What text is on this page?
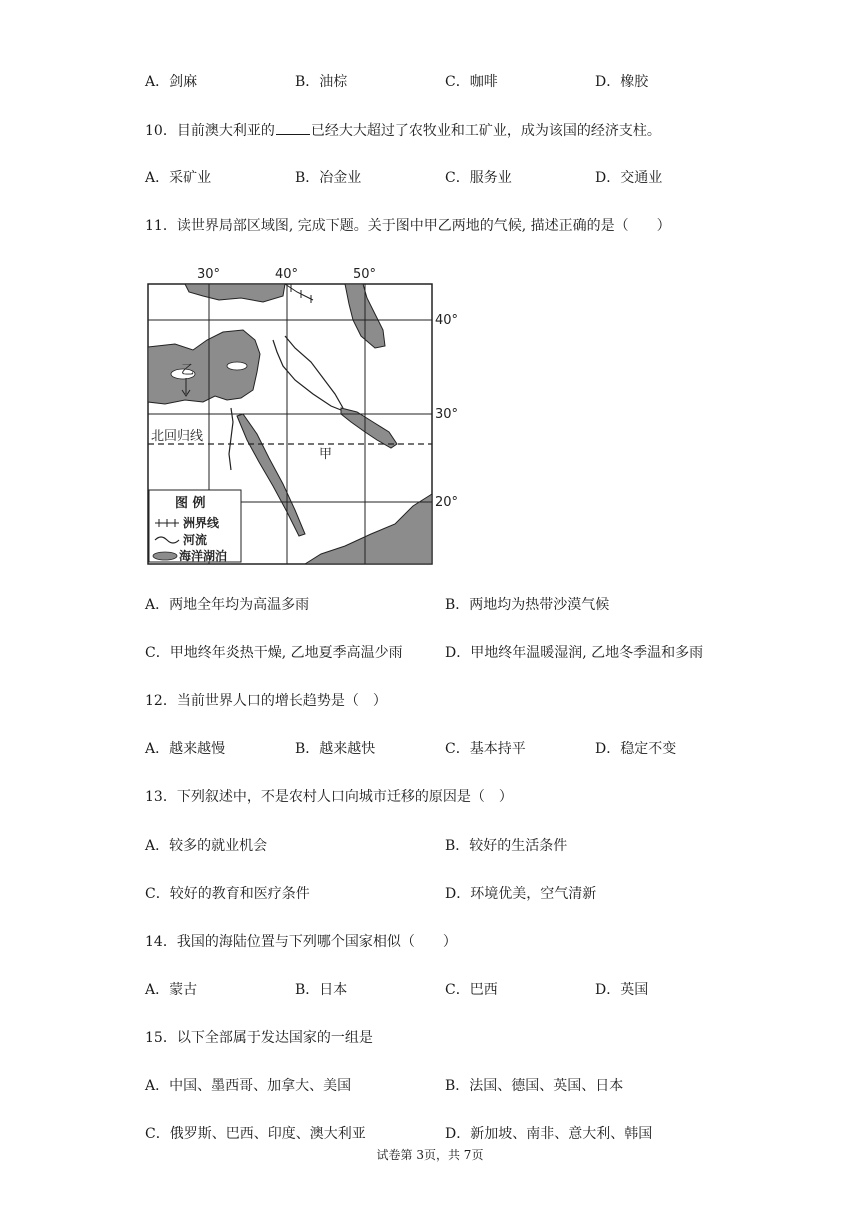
A．剑麻	B．油棕	C．咖啡	D．橡胶
10．目前澳大利亚的	已经大大超过了农牧业和工矿业，成为该国的经济支柱。
A．采矿业	B．冶金业	C．服务业	D．交通业
11．读世界局部区域图, 完成下题。关于图中甲乙两地的气候, 描述正确的是（　　）
30°	40°	50°
40°
30°
20°
北回归线
甲
乙
图 例
洲界线
河流
海洋湖泊
A．两地全年均为高温多雨	B．两地均为热带沙漠气候
C．甲地终年炎热干燥, 乙地夏季高温少雨	D．甲地终年温暖湿润, 乙地冬季温和多雨
12．当前世界人口的增长趋势是（　）
A．越来越慢	B．越来越快	C．基本持平	D．稳定不变
13．下列叙述中，不是农村人口向城市迁移的原因是（　）
A．较多的就业机会	B．较好的生活条件
C．较好的教育和医疗条件	D．环境优美，空气清新
14．我国的海陆位置与下列哪个国家相似（　　）
A．蒙古	B．日本	C．巴西	D．英国
15．以下全部属于发达国家的一组是
A．中国、墨西哥、加拿大、美国	B．法国、德国、英国、日本
C．俄罗斯、巴西、印度、澳大利亚	D．新加坡、南非、意大利、韩国
试卷第 3页，共 7页
